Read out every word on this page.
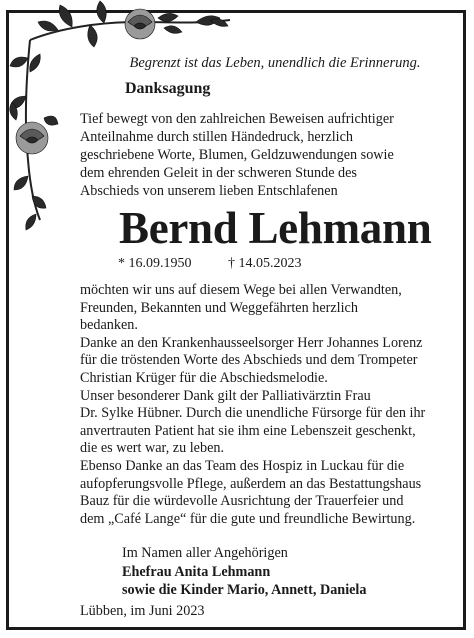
Begrenzt ist das Leben, unendlich die Erinnerung.
Danksagung
Tief bewegt von den zahlreichen Beweisen aufrichtiger
Anteilnahme durch stillen Händedruck, herzlich
geschriebene Worte, Blumen, Geldzuwendungen sowie
dem ehrenden Geleit in der schweren Stunde des
Abschieds von unserem lieben Entschlafenen
Bernd Lehmann
* 16.09.1950	† 14.05.2023
möchten wir uns auf diesem Wege bei allen Verwandten,
Freunden, Bekannten und Weggefährten herzlich
bedanken.
Danke an den Krankenhausseelsorger Herr Johannes Lorenz
für die tröstenden Worte des Abschieds und dem Trompeter
Christian Krüger für die Abschiedsmelodie.
Unser besonderer Dank gilt der Palliativärztin Frau
Dr. Sylke Hübner. Durch die unendliche Fürsorge für den ihr
anvertrauten Patient hat sie ihm eine Lebenszeit geschenkt,
die es wert war, zu leben.
Ebenso Danke an das Team des Hospiz in Luckau für die
aufopferungsvolle Pflege, außerdem an das Bestattungshaus
Bauz für die würdevolle Ausrichtung der Trauerfeier und
dem „Café Lange“ für die gute und freundliche Bewirtung.
Im Namen aller Angehörigen
Ehefrau Anita Lehmann
sowie die Kinder Mario, Annett, Daniela
Lübben, im Juni 2023
